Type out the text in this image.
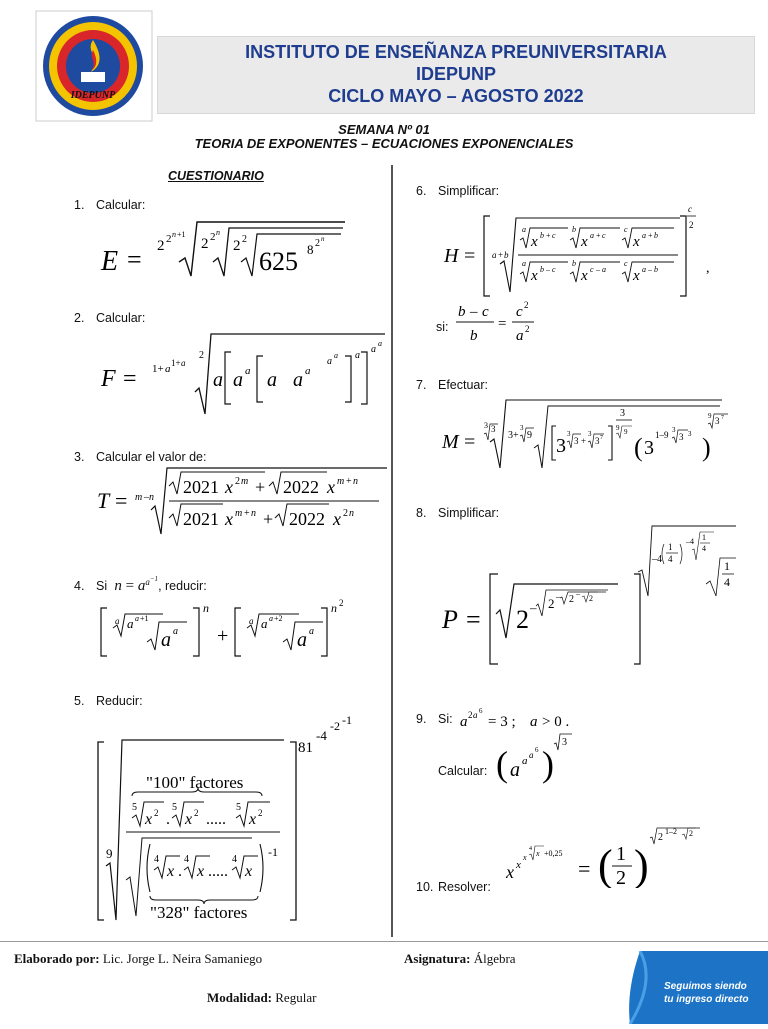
IDEPUNP
INSTITUTO DE ENSEÑANZA PREUNIVERSITARIA
IDEPUNP
CICLO MAYO – AGOSTO 2022
SEMANA Nº 01
TEORIA DE EXPONENTES – ECUACIONES EXPONENCIALES
CUESTIONARIO
1. Calcular:
E = 2 2 n +1
2 2 n
2 2
625 8 2 n
2. Calcular:
F = 1+ a 1+ a
2
a a a a a a
a
a a
a
a
3. Calcular el valor de:
T = m – n
2021 x 2 m + 2022 x m + n
2021 x m + n + 2022 x 2 n
4. Si  $n = a^{a^{-1}}$, reducir:
a a a +1
a a
n
+
a a a +2
a a
n 2
5. Reducir:
81
-4
-2 -1
9
"100" factores
5
x 2 .
5
x 2 .....
5
x 2
4
x .
4
x .....
4
x
-1
"328" factores
6. Simplificar:
H = a + b
a
x b + c
b
x a + c
c
x a + b
a
x b – c
b
x c – a
c
x a – b
c
2
,
si:
b – c
b
=
c 2
a 2
7. Efectuar:
M =
3 3
3+
3
9 3
3
3 +
3
3 7
3
9 9
( 3
1–9 3
3 3 )
9 3 7
8. Simplificar:
P = 2 – 2 – 2
–
2
–4
1
4
–4 1
4
1
4
9. Si: a 2 a 6
= 3 ; a > 0 .
Calcular: ( a a a 6 )
3
10. Resolver:
x x
x
4 x +0,25
= ( 1
2 )
2
1–2 2
Elaborado por: Lic. Jorge L. Neira Samaniego	Asignatura: Álgebra
Modalidad: Regular
Seguimos siendo
tu ingreso directo
